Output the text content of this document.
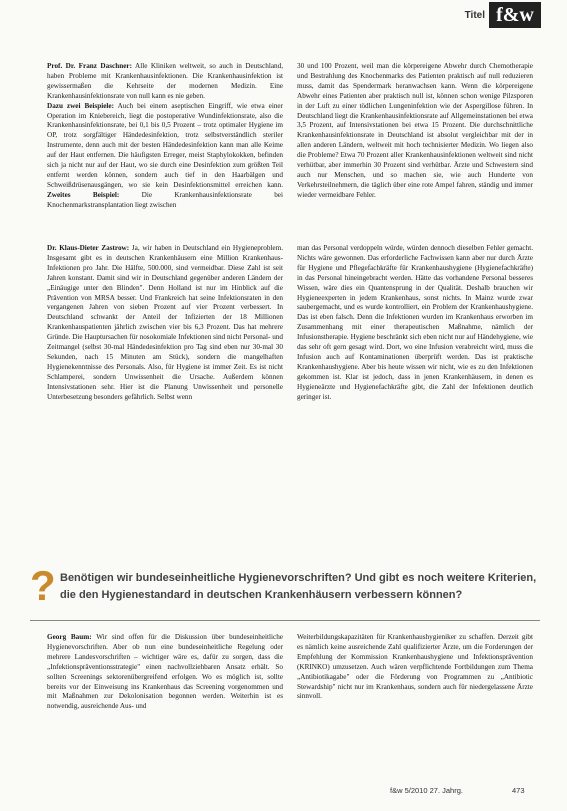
Titel f&w

Prof. Dr. Franz Daschner: Alle Kliniken weltweit, so auch in Deutschland, haben Probleme mit Krankenhausinfektionen. Die Krankenhausinfektion ist gewissermaßen die Kehrseite der modernen Medizin. Eine Krankenhausinfektionsrate von null kann es nie geben.
Dazu zwei Beispiele: Auch bei einem aseptischen Eingriff, wie etwa einer Operation im Kniebereich, liegt die postoperative Wundinfektionsrate, also die Krankenhausinfektionsrate, bei 0,1 bis 0,5 Prozent – trotz optimaler Hygiene im OP, trotz sorgfältiger Händedesinfektion, trotz selbstverständlich steriler Instrumente, denn auch mit der besten Händedesinfektion kann man alle Keime auf der Haut entfernen. Die häufigsten Erreger, meist Staphylokokken, befinden sich ja nicht nur auf der Haut, wo sie durch eine Desinfektion zum größten Teil entfernt werden können, sondern auch tief in den Haarbälgen und Schweißdrüsenausgängen, wo sie kein Desinfektionsmittel erreichen kann. Zweites Beispiel:	Die Krankenhausinfektionsrate bei Knochenmarkstransplantation liegt zwischen

30 und 100 Prozent, weil man die körpereigene Abwehr durch Chemotherapie und Bestrahlung des Knochenmarks des Patienten praktisch auf null reduzieren muss, damit das Spendermark heranwachsen kann. Wenn die körpereigene Abwehr eines Patienten aber praktisch null ist, können schon wenige Pilzsporen in der Luft zu einer tödlichen Lungeninfektion wie der Aspergillose führen. In Deutschland liegt die Krankenhausinfektionsrate auf Allgemeinstationen bei etwa 3,5 Prozent, auf Intensivstationen bei etwa 15 Prozent. Die durchschnittliche Krankenhausinfektionsrate in Deutschland ist absolut vergleichbar mit der in allen anderen Ländern, weltweit mit hoch technisierter Medizin. Wo liegen also die Probleme? Etwa 70 Prozent aller Krankenhausinfektionen weltweit sind nicht verhütbar, aber immerhin 30 Prozent sind verhütbar. Ärzte und Schwestern sind auch nur Menschen, und so machen sie, wie auch Hunderte von Verkehrsteilnehmern, die täglich über eine rote Ampel fahren, ständig und immer wieder vermeidbare Fehler.

Dr. Klaus-Dieter Zastrow: Ja, wir haben in Deutschland ein Hygieneproblem. Insgesamt gibt es in deutschen Krankenhäusern eine Million Krankenhaus-Infektionen pro Jahr. Die Hälfte, 500.000, sind vermeidbar. Diese Zahl ist seit Jahren konstant. Damit sind wir in Deutschland gegenüber anderen Ländern der „Einäugige unter den Blinden". Denn Holland ist nur im Hinblick auf die Prävention von MRSA besser. Und Frankreich hat seine Infektionsraten in den vergangenen Jahren von sieben Prozent auf vier Prozent verbessert. In Deutschland schwankt der Anteil der Infizierten der 18 Millionen Krankenhauspatienten jährlich zwischen vier bis 6,3 Prozent. Das hat mehrere Gründe. Die Hauptursachen für nosokomiale Infektionen sind nicht Personal- und Zeitmangel (selbst 30-mal Händedesinfektion pro Tag sind eben nur 30-mal 30 Sekunden, nach 15 Minuten am Stück), sondern die mangelhaften Hygienekenntnisse des Personals. Also, für Hygiene ist immer Zeit. Es ist nicht Schlamperei, sondern Unwissenheit die Ursache. Außerdem können Intensivstationen sehr. Hier ist die Planung Unwissenheit und personelle Unterbesetzung besonders gefährlich. Selbst wenn

man das Personal verdoppeln würde, würden dennoch dieselben Fehler gemacht. Nichts wäre gewonnen. Das erforderliche Fachwissen kann aber nur durch Ärzte für Hygiene und Pflegefachkräfte für Krankenhaushygiene (Hygienefachkräfte) in das Personal hineingebracht werden. Hätte das vorhandene Personal besseres Wissen, wäre dies ein Quantensprung in der Qualität. Deshalb brauchen wir Hygieneexperten in jedem Krankenhaus, sonst nichts. In Mainz wurde zwar saubergemacht, und es wurde kontrolliert, ein Problem der Krankenhaushygiene. Das ist eben falsch. Denn die Infektionen wurden im Krankenhaus erworben im Zusammenhang mit einer therapeutischen Maßnahme, nämlich der Infusionstherapie. Hygiene beschränkt sich eben nicht nur auf Händehygiene, wie das sehr oft gern gesagt wird. Dort, wo eine Infusion verabreicht wird, muss die Infusion auch auf Kontaminationen überprüft werden. Das ist praktische Krankenhaushygiene. Aber bis heute wissen wir nicht, wie es zu den Infektionen gekommen ist. Klar ist jedoch, dass in jenen Krankenhäusern, in denen es Hygieneärzte und Hygienefachkräfte gibt, die Zahl der Infektionen deutlich geringer ist.

? Benötigen wir bundeseinheitliche Hygienevorschriften? Und gibt es noch weitere Kriterien, die den Hygienestandard in deutschen Krankenhäusern verbessern können?

Georg Baum: Wir sind offen für die Diskussion über bundeseinheitliche Hygienevorschriften. Aber ob nun eine bundeseinheitliche Regelung oder mehrere Landesvorschriften – wichtiger wäre es, dafür zu sorgen, dass die „Infektionspräventionsstrategie" einen nachvollziehbaren Ansatz erhält. So sollten Screenings sektorenübergreifend erfolgen. Wo es möglich ist, sollte bereits vor der Einweisung ins Krankenhaus das Screening vorgenommen und mit Maßnahmen zur Dekolonisation begonnen werden. Weiterhin ist es notwendig, ausreichende Aus- und

Weiterbildungskapazitäten für Krankenhaushygieniker zu schaffen. Derzeit gibt es nämlich keine ausreichende Zahl qualifizierter Ärzte, um die Forderungen der Empfehlung der Kommission Krankenhaushygiene und Infektionsprävention (KRINKO) umzusetzen. Auch wären verpflichtende Fortbildungen zum Thema „Antibiotikagabe" oder die Förderung von Programmen zu „Antibiotic Stewardship" nicht nur im Krankenhaus, sondern auch für niedergelassene Ärzte sinnvoll.

f&w 5/2010 27. Jahrg.	473
